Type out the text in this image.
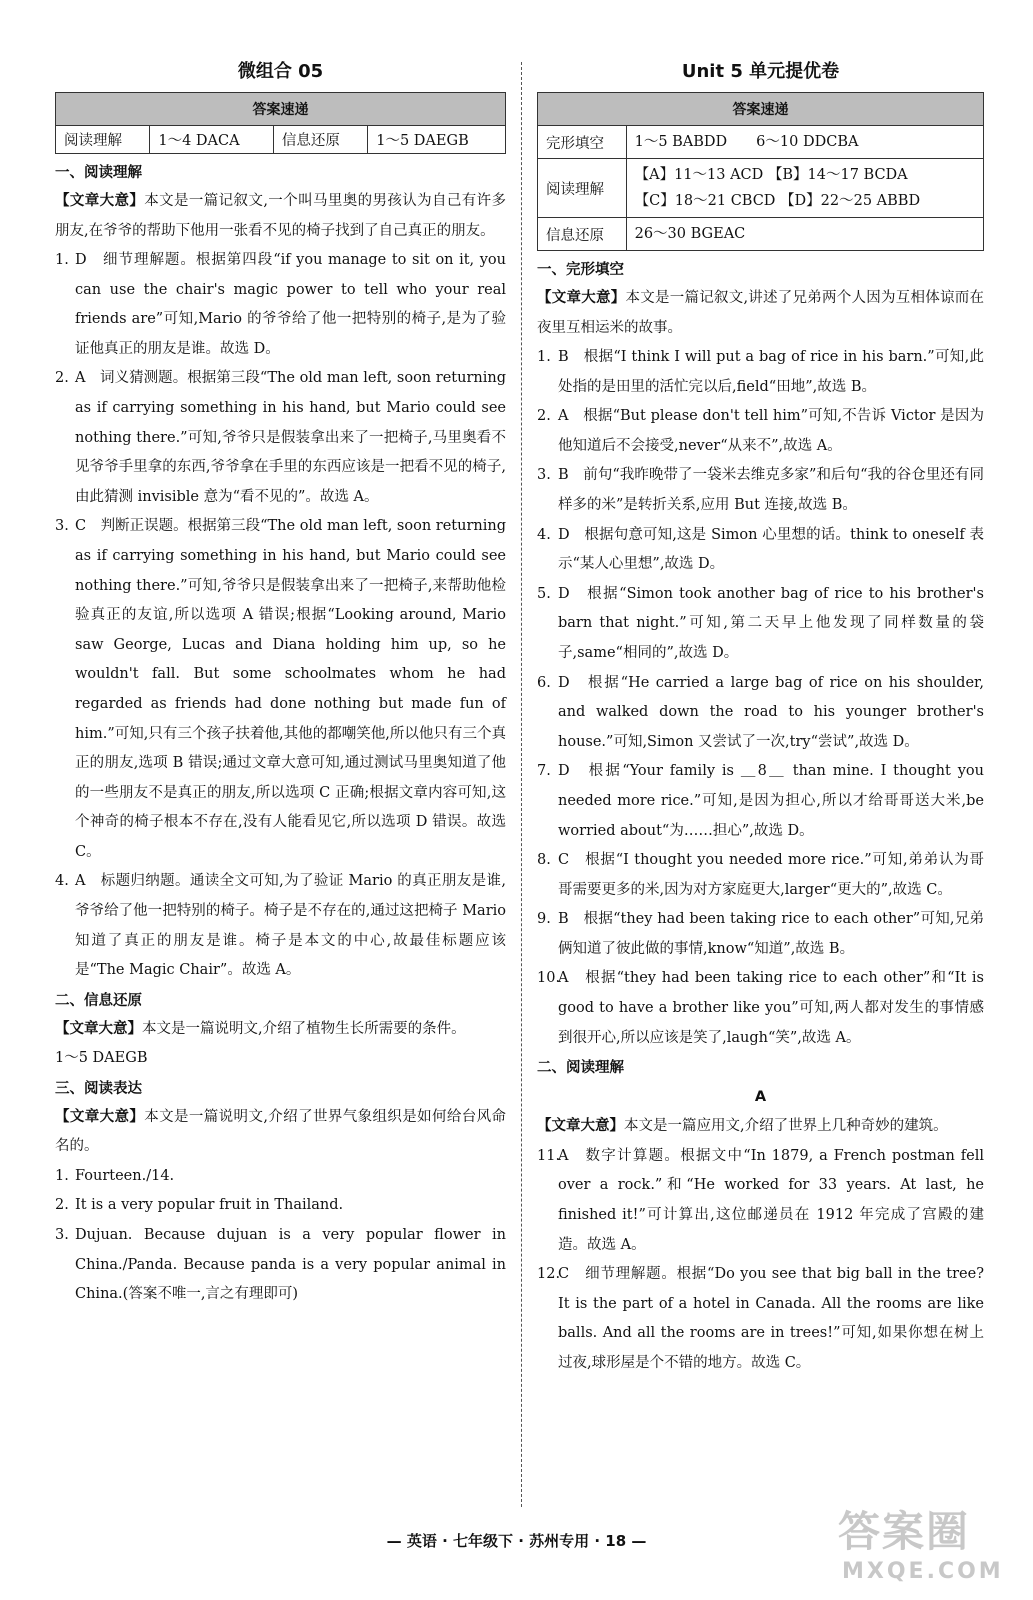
微组合 05
答案速递
阅读理解	1～4 DACA	信息还原	1～5 DAEGB
一、阅读理解

【文章大意】本文是一篇记叙文,一个叫马里奥的男孩认为自己有许多朋友,在爷爷的帮助下他用一张看不见的椅子找到了自己真正的朋友。

1. D　细节理解题。根据第四段“if you manage to sit on it, you can use the chair's magic power to tell who your real friends are”可知,Mario 的爷爷给了他一把特别的椅子,是为了验证他真正的朋友是谁。故选 D。

2. A　词义猜测题。根据第三段“The old man left, soon returning as if carrying something in his hand, but Mario could see nothing there.”可知,爷爷只是假装拿出来了一把椅子,马里奥看不见爷爷手里拿的东西,爷爷拿在手里的东西应该是一把看不见的椅子,由此猜测 invisible 意为“看不见的”。故选 A。

3. C　判断正误题。根据第三段“The old man left, soon returning as if carrying something in his hand, but Mario could see nothing there.”可知,爷爷只是假装拿出来了一把椅子,来帮助他检验真正的友谊,所以选项 A 错误;根据“Looking around, Mario saw George, Lucas and Diana holding him up, so he wouldn't fall. But some schoolmates whom he had regarded as friends had done nothing but made fun of him.”可知,只有三个孩子扶着他,其他的都嘲笑他,所以他只有三个真正的朋友,选项 B 错误;通过文章大意可知,通过测试马里奥知道了他的一些朋友不是真正的朋友,所以选项 C 正确;根据文章内容可知,这个神奇的椅子根本不存在,没有人能看见它,所以选项 D 错误。故选 C。

4. A　标题归纳题。通读全文可知,为了验证 Mario 的真正朋友是谁,爷爷给了他一把特别的椅子。椅子是不存在的,通过这把椅子 Mario 知道了真正的朋友是谁。椅子是本文的中心,故最佳标题应该是“The Magic Chair”。故选 A。

二、信息还原

【文章大意】本文是一篇说明文,介绍了植物生长所需要的条件。

1～5 DAEGB

三、阅读表达

【文章大意】本文是一篇说明文,介绍了世界气象组织是如何给台风命名的。

1. Fourteen./14.

2. It is a very popular fruit in Thailand.

3. Dujuan. Because dujuan is a very popular flower in China./Panda. Because panda is a very popular animal in China.(答案不唯一,言之有理即可)

Unit 5 单元提优卷
答案速递	
完形填空	1～5 BABDD　　6～10 DDCBA

阅读理解	【A】11～13 ACD 【B】14～17 BCDA
【C】18～21 CBCD 【D】22～25 ABBD

信息还原	26～30 BGEAC
一、完形填空

【文章大意】本文是一篇记叙文,讲述了兄弟两个人因为互相体谅而在夜里互相运米的故事。

1. B　根据“I think I will put a bag of rice in his barn.”可知,此处指的是田里的活忙完以后,field“田地”,故选 B。

2. A　根据“But please don't tell him”可知,不告诉 Victor 是因为他知道后不会接受,never“从来不”,故选 A。

3. B　前句“我昨晚带了一袋米去维克多家”和后句“我的谷仓里还有同样多的米”是转折关系,应用 But 连接,故选 B。

4. D　根据句意可知,这是 Simon 心里想的话。think to oneself 表示“某人心里想”,故选 D。

5. D　根据“Simon took another bag of rice to his brother's barn that night.”可知,第二天早上他发现了同样数量的袋子,same“相同的”,故选 D。

6. D　根据“He carried a large bag of rice on his shoulder, and walked down the road to his younger brother's house.”可知,Simon 又尝试了一次,try“尝试”,故选 D。

7. D　根据“Your family is ＿8＿ than mine. I thought you needed more rice.”可知,是因为担心,所以才给哥哥送大米,be worried about“为……担心”,故选 D。

8. C　根据“I thought you needed more rice.”可知,弟弟认为哥哥需要更多的米,因为对方家庭更大,larger“更大的”,故选 C。

9. B　根据“they had been taking rice to each other”可知,兄弟俩知道了彼此做的事情,know“知道”,故选 B。

10.
A　根据“they had been taking rice to each other”和“It is good to have a brother like you”可知,两人都对发生的事情感到很开心,所以应该是笑了,laugh“笑”,故选 A。

二、阅读理解
A

【文章大意】本文是一篇应用文,介绍了世界上几种奇妙的建筑。

11.
A　数字计算题。根据文中“In 1879, a French postman fell over a rock.”和“He worked for 33 years. At last, he finished it!”可计算出,这位邮递员在 1912 年完成了宫殿的建造。故选 A。

12.
C　细节理解题。根据“Do you see that big ball in the tree? It is the part of a hotel in Canada. All the rooms are like balls. And all the rooms are in trees!”可知,如果你想在树上过夜,球形屋是个不错的地方。故选 C。

— 英语 · 七年级下 · 苏州专用 · 18 —	答案圈
MXQE.COM
